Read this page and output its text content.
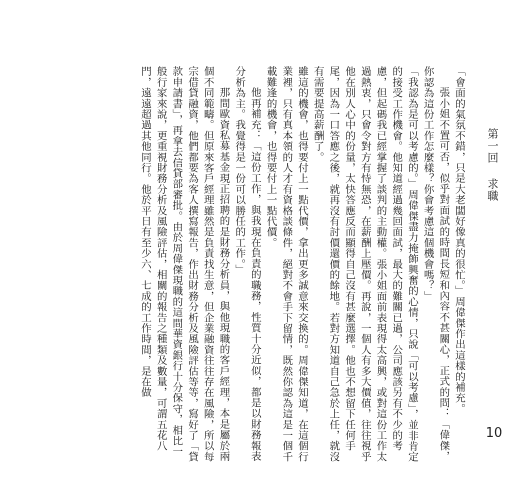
第一回求職
10

「會面的氣氛不錯，只是大老闆好像真的很忙。」周偉傑作出這樣的補充。

張小姐不置可否，似乎對面試的時間長短和內容不甚關心，正式的問：「偉傑，你認為這份工作怎麼樣？你會考慮這個機會嗎？」

「我認為是可以考慮的。」周偉傑盡力掩飾興奮的心情，只說「可以考慮」，並非肯定的接受工作機會。他知道經過幾回面試，最大的難關已過，公司應該另有不少的考慮，但起碼我已經掌握了談判的主動權。張小姐面前表現得太高興，或對這份工作太過熱衷，只會令對方有恃無恐，在薪酬上壓價。再說，一個人有多大價值，往往視乎他在別人心中的份量，太快答應反而顯得自己沒有甚麼選擇。他也不想留下任何手尾，因為一口答應之後，就再沒有討價還價的餘地。若對方知道自己急於上任，就沒有需要提高薪酬了。

雖這的機會，也得要付上一點代價，拿出更多誠意來交換的。周偉傑知道，在這個行業裡，只有真本領的人才有資格談條件，絕對不會手下留情，既然你認為這是一個千載難逢的機會，也得要付上一點代價。

他再補充：「這份工作，與我現在負責的職務，性質十分近似，都是以財務報表分析為主。我覺得是一份可以勝任的工作。」

那間歐資私募基金現正招聘的是財務分析員，與他現職的客戶經理，本是屬於兩個不同範疇。但原來客戶經理雖然是負責找生意，但企業融資往往存在風險，所以每宗借貸融資，他們都要為客人撰寫報告，作出財務分析及風險評估等等，寫好了「貸款申請書」，再拿去信貸部審批。由於周偉傑現職的這間華資銀行十分保守，相比一般行家來說，更重視財務分析及風險評估，相關的報告之種類及數量，可謂五花八門，遠遠超過其他同行。他於平日有至少六、七成的工作時間，是在做
